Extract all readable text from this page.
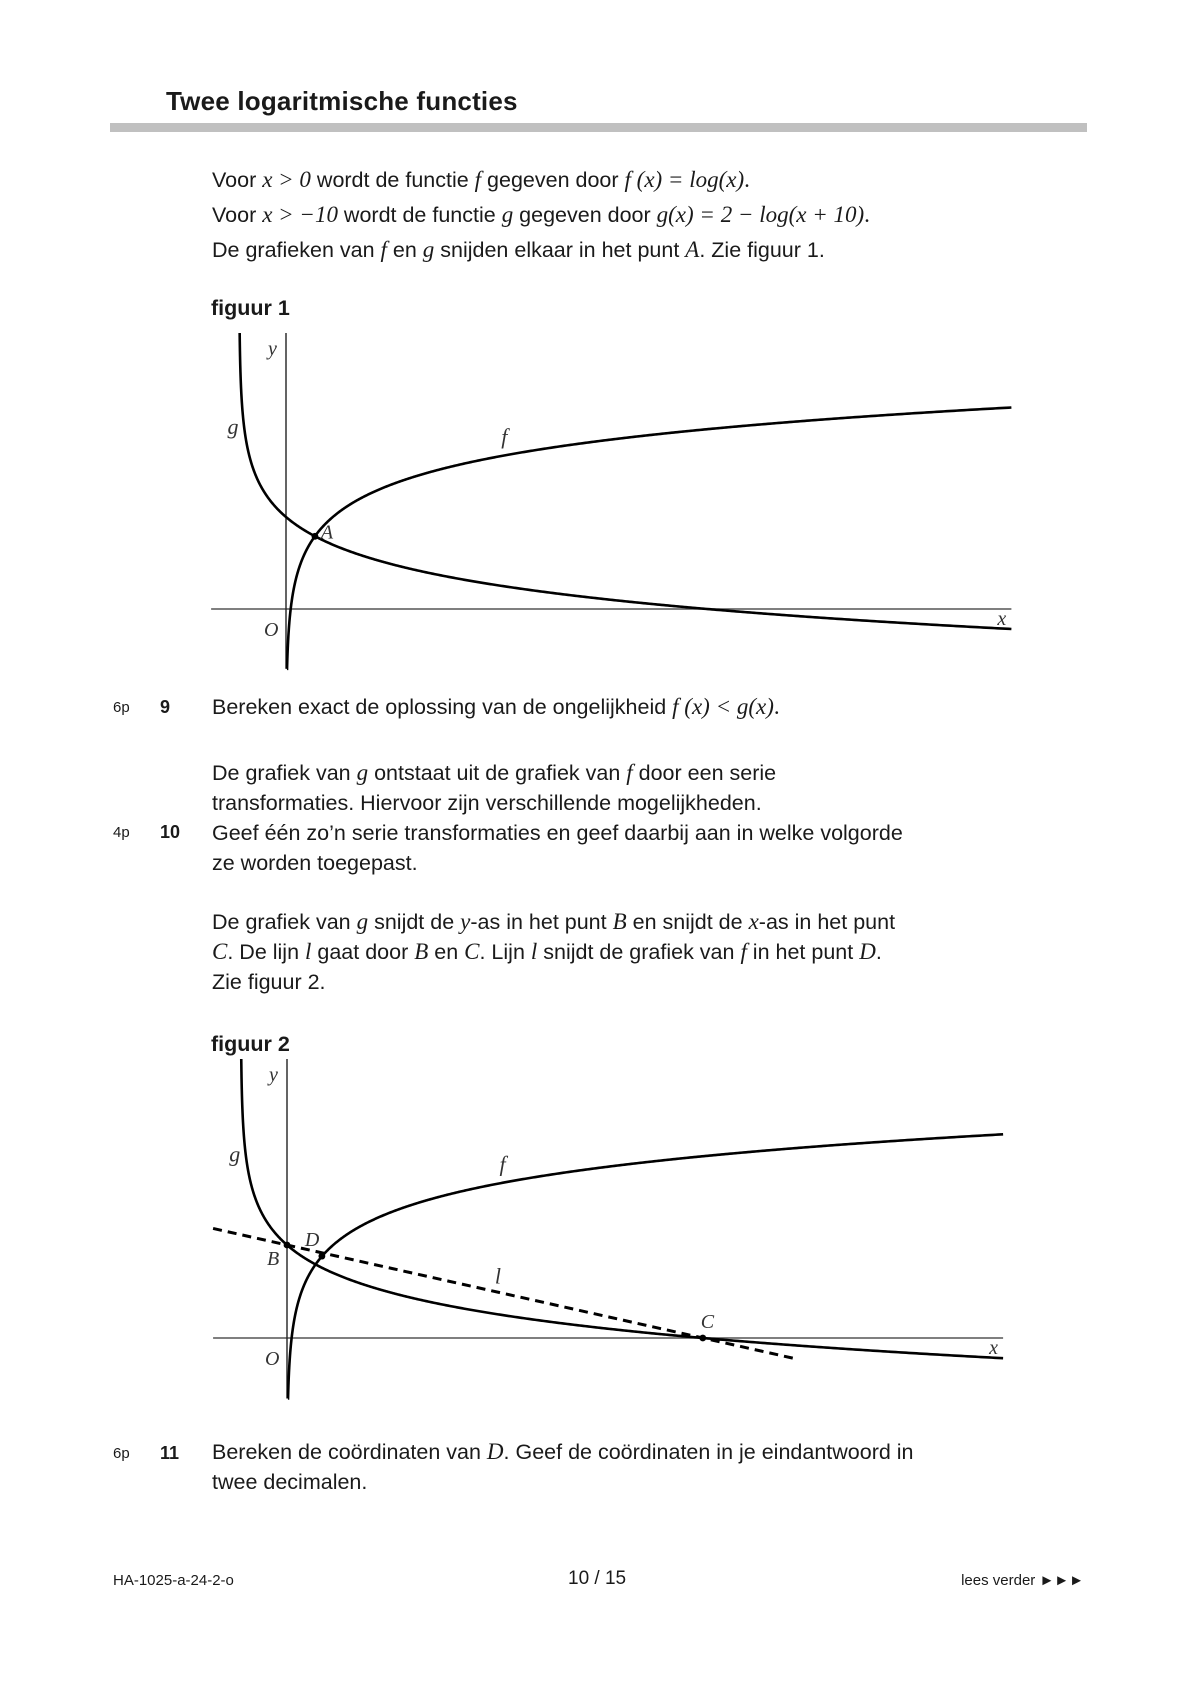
Twee logaritmische functies
Voor x > 0 wordt de functie f gegeven door f (x) = log(x).
Voor x > −10 wordt de functie g gegeven door g(x) = 2 − log(x + 10).
De grafieken van f en g snijden elkaar in het punt A. Zie figuur 1.
figuur 1
x
y
O
f
g
A
6p 9 Bereken exact de oplossing van de ongelijkheid f (x) < g(x).
De grafiek van g ontstaat uit de grafiek van f door een serie
transformaties. Hiervoor zijn verschillende mogelijkheden.
4p 10 Geef één zo’n serie transformaties en geef daarbij aan in welke volgorde
ze worden toegepast.
De grafiek van g snijdt de y-as in het punt B en snijdt de x-as in het punt
C. De lijn l gaat door B en C. Lijn l snijdt de grafiek van f in het punt D.
Zie figuur 2.
figuur 2
x
y
O
f
g
l
B
C
D
6p 11 Bereken de coördinaten van D. Geef de coördinaten in je eindantwoord in
twee decimalen.
HA-1025-a-24-2-o	10 / 15	lees verder ►►►
